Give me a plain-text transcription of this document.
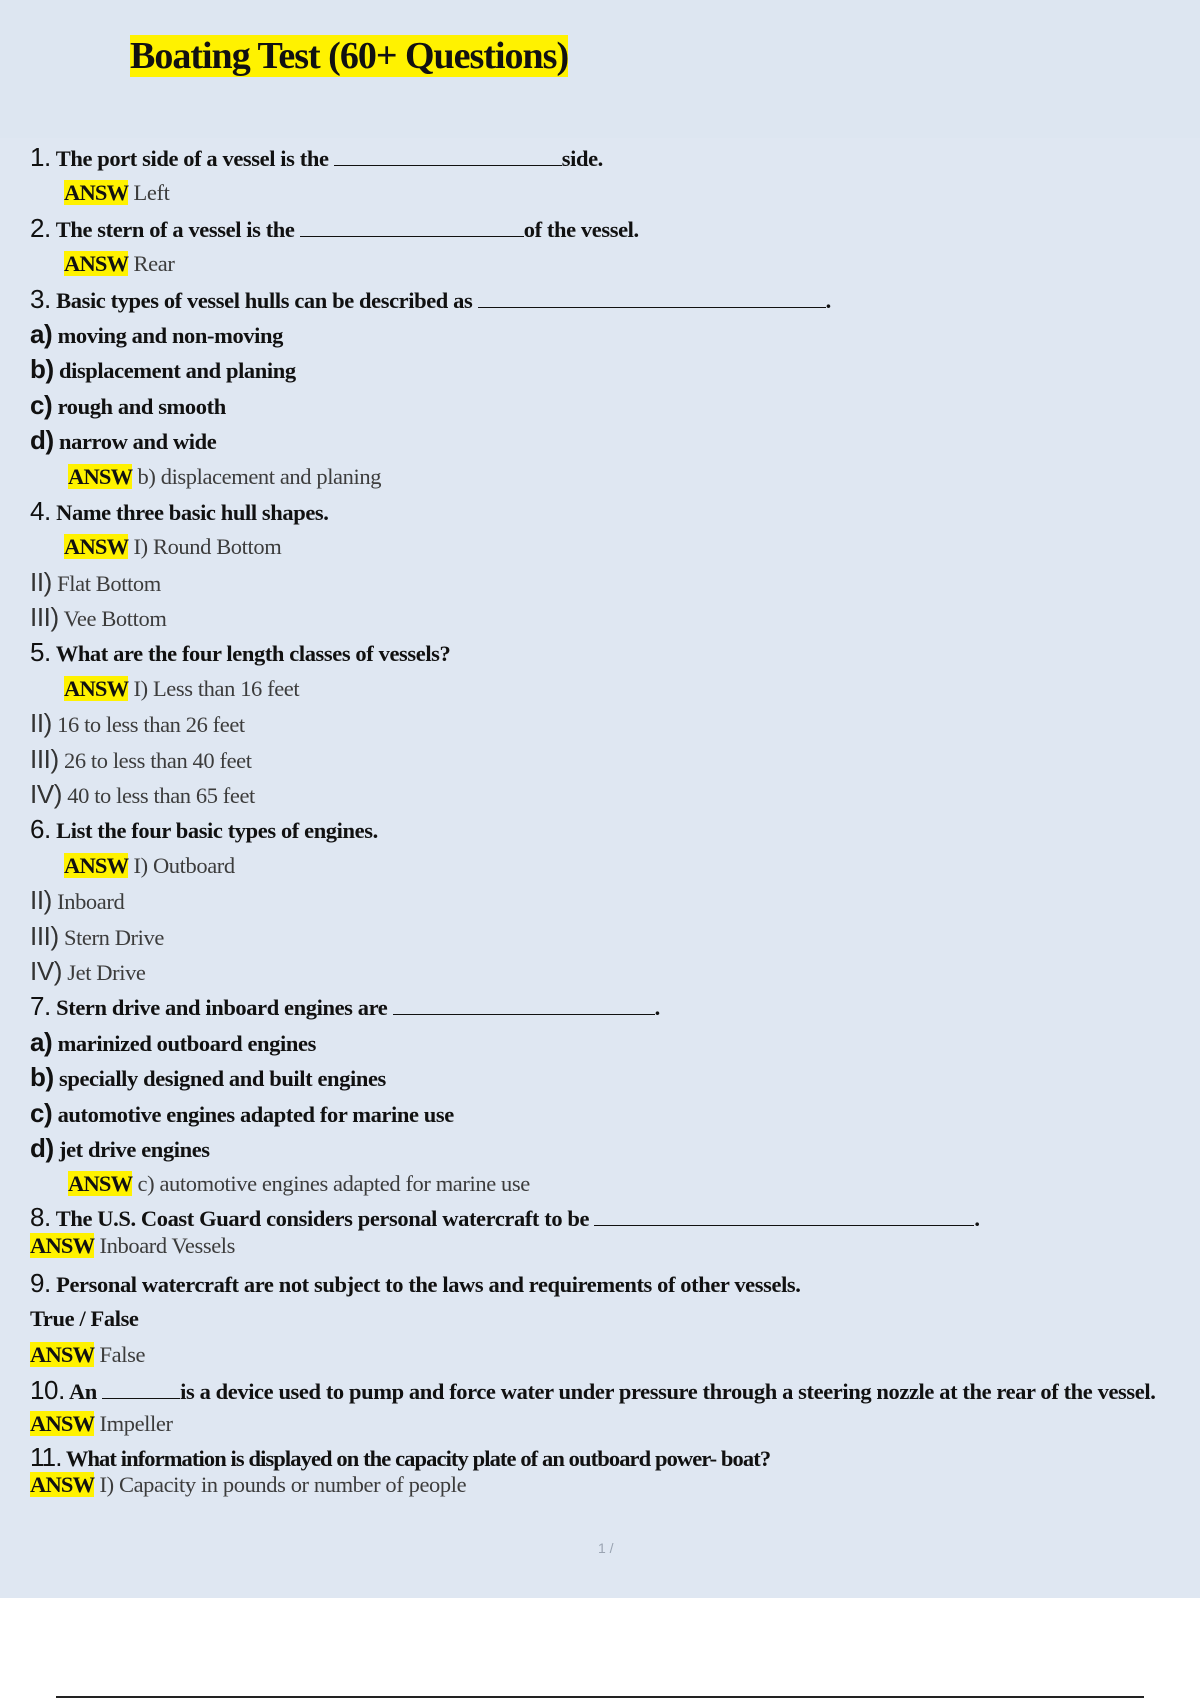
Boating Test (60+ Questions)
1. The port side of a vessel is the	side.
ANSW Left
2. The stern of a vessel is the	of the vessel.
ANSW Rear
3. Basic types of vessel hulls can be described as	.
a) moving and non-moving
b) displacement and planing
c) rough and smooth
d) narrow and wide
ANSW b) displacement and planing
4. Name three basic hull shapes.
ANSW I) Round Bottom
II) Flat Bottom
III) Vee Bottom
5. What are the four length classes of vessels?
ANSW I) Less than 16 feet
II) 16 to less than 26 feet
III) 26 to less than 40 feet
IV) 40 to less than 65 feet
6. List the four basic types of engines.
ANSW I) Outboard
II) Inboard
III) Stern Drive
IV) Jet Drive
7. Stern drive and inboard engines are	.
a) marinized outboard engines
b) specially designed and built engines
c) automotive engines adapted for marine use
d) jet drive engines
ANSW c) automotive engines adapted for marine use
8. The U.S. Coast Guard considers personal watercraft to be	.
ANSW Inboard Vessels
9. Personal watercraft are not subject to the laws and requirements of other vessels.
True / False
ANSW False
10. An	is a device used to pump and force water under pressure through a steering nozzle at the rear of the vessel.
ANSW Impeller
11. What information is displayed on the capacity plate of an outboard power- boat?
ANSW I) Capacity in pounds or number of people
1 /
